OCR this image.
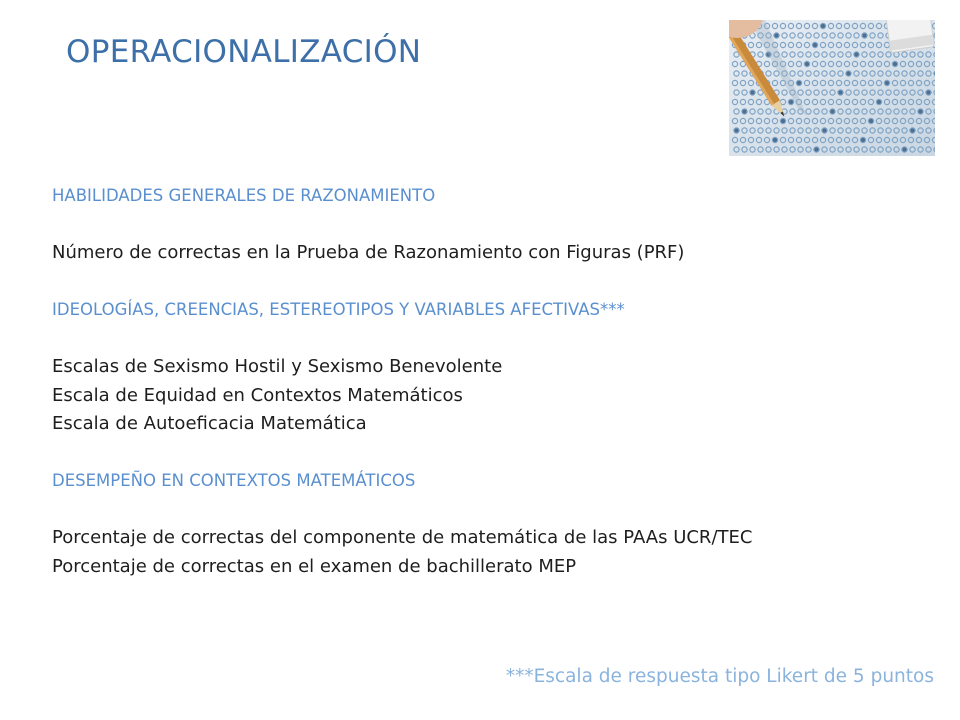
OPERACIONALIZACIÓN
HABILIDADES GENERALES DE RAZONAMIENTO
Número de correctas en la Prueba de Razonamiento con Figuras (PRF)
IDEOLOGÍAS, CREENCIAS, ESTEREOTIPOS Y VARIABLES AFECTIVAS***
Escalas de Sexismo Hostil y Sexismo Benevolente
Escala de Equidad en Contextos Matemáticos
Escala de Autoeficacia Matemática
DESEMPEÑO EN CONTEXTOS MATEMÁTICOS
Porcentaje de correctas del componente de matemática de las PAAs UCR/TEC
Porcentaje de correctas en el examen de bachillerato MEP
***Escala de respuesta tipo Likert de 5 puntos
